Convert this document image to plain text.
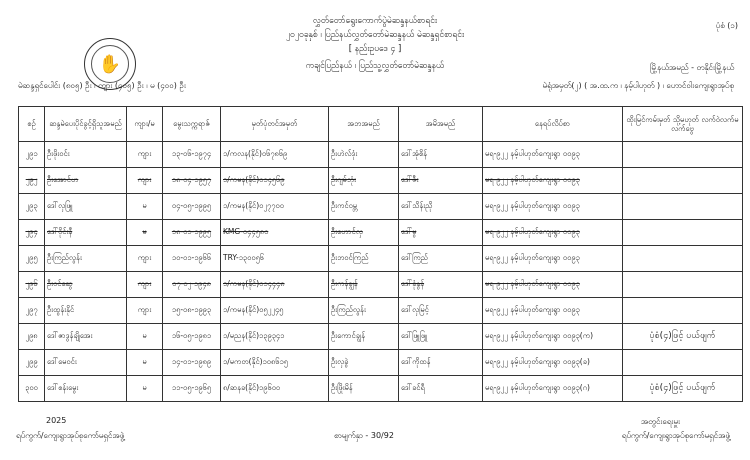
ပုံစံ (၁)
✋
လွှတ်တော်ရွေးကောက်ပွဲမဲဆန္ဒနယ်စာရင်း
၂၀၂၀ခုနှစ် ၊ ပြည်နယ်လွှတ်တော်မဲဆန္ဒနယ် မဲဆန္ဒရှင်စာရင်း
[ နည်းဥပဒေ ၄ ]
ကချင်ပြည်နယ် ၊ ပြည်သူ့လွှတ်တော်မဲဆန္ဒနယ်	မြို့နယ်အမည် - တနိုင်းမြို့နယ်
မဲဆန္ဒရှင်ပေါင်း (၈၀၅) ဦး ၊ ကျား (၄၀၅) ဦး ၊ မ (၄၀၀) ဦး	မဲရုံအမှတ်(၂) ( အ.ထ.က ၊ နမ့်ပါဟုတ် ) ၊ ဟောင်ဝါးကျေးရွာအုပ်စု
စဉ်	ဆန္ဒမဲပေးပိုင်ခွင့်ရှိသူအမည်	ကျား/မ	မွေးသက္ကရာဇ်	မှတ်ပုံတင်အမှတ်	အဘအမည်	အမိအမည်	နေရပ်လိပ်စာ	ထိုးမြင်ကမ်းမှတ် သို့မဟုတ် လက်ဝဲလက်မ လက်ဗွေ
၂၉၁	ဦးဖိုးဝင်း	ကျား	၁၃-၀၆-၁၉၇၄	၁/ကလန(နိုင်)၀၆၇၈၆၉	ဦးဟဲလ်ဒုံး	ဒေါ်အုံစိန်	မရ-၉၂၂ နမ့်ပါဟုတ်ကျေးရွာ ၀၀၉၃	
၂၉၂	ဦးအောင်ဟ	ကျား	၁၈-၀၄-၁၉၅၇	၁/ကမန(နိုင်)၀၁၄၅၆၉	ဦးဂျမ်ဘုံး	ဒေါ်ဇီး	မရ-၉၂၂ နမ့်ပါဟုတ်ကျေးရွာ ၀၀၉၃	
၂၉၃	ဒေါ်လှဖြူ	မ	၀၄-၀၅-၁၉၉၅	၁/ကမန(နိုင်)၀၂၇၇၀၀	ဦးကင်ဝမ္ဘ	ဒေါ်သိန်းညို	မရ-၉၂၂ နမ့်ပါဟုတ်ကျေးရွာ ၀၀၉၃	
၂၉၄	ဒေါ်ဝိုင်းနီ	မ	၁၈-၀၁-၁၉၉၅	KMG-၀၄၄၅၈၀	ဦးဟောင်လှ	ဒေါ်မွ	မရ-၉၂၂ နမ့်ပါဟုတ်ကျေးရွာ ၀၀၉၃	
၂၉၅	ဦးကြည်လွန်း	ကျား	၁၀-၀၁-၁၉၆၆	TRY-၁၃၀၀၅၆	ဦးဘ၀င်ကြည်	ဒေါ်ကြည်	မရ-၉၂၂ နမ့်ပါဟုတ်ကျေးရွာ ၀၀၉၃	
၂၉၆	ဦးဝင်ဆွေ	ကျား	၀၇-၀၂-၁၉၄၈	၁/ကမန(နိုင်)၀၁၄၄၄၈	ဦးကန်ချွန်	ဒေါ်ခုံနွန်	မရ-၉၂၂ နမ့်ပါဟုတ်ကျေးရွာ ၀၀၉၃	
၂၉၇	ဦးထွန်းနိုင်	ကျား	၁၅-၀၈-၁၉၉၃	၁/ကမန(နိုင်)၀၅၂၂၄၅	ဦးကြည်လွန်း	ဒေါ်လှမြင့်	မရ-၉၂၂ နမ့်ပါဟုတ်ကျေးရွာ ၀၀၉၃	
၂၉၈	ဒေါ်ဇာဒွန်ချိုအေး	မ	၁၆-၀၅-၁၉၈၁	၁/မညန(နိုင်)၁၃၉၃၄၁	ဦးကောင်ချွန်	ဒေါ်ဖြူဖြူ	မရ-၉၂၂ နမ့်ပါဟုတ်ကျေးရွာ ၀၀၉၃(က)	ပုံစံ(၄)ဖြင့် ပယ်ဖျက်
၂၉၉	ဒေါ်မေဝင်း	မ	၁၄-၀၁-၁၉၈၉	၁/မကတ(နိုင်)၁၀၈၆၁၅	ဦးလှခွဲ	ဒေါ်ကိုထန်	မရ-၉၂၂ နမ့်ပါဟုတ်ကျေးရွာ ၀၀၉၃(ခ)	
၃၀၀	ဒေါ်စန်းမွေး	မ	၁၁-၀၅-၁၉၆၅	၈/ဆနခ(နိုင်)၁၉၆၀၀	ဦးဖြိုးမိန်	ဒေါ်ခင်ရီ	မရ-၉၂၂ နမ့်ပါဟုတ်ကျေးရွာ ၀၀၉၃(ဂ)	ပုံစံ(၄)ဖြင့် ပယ်ဖျက်
2025
ရပ်ကွက်/ကျေးရွာအုပ်စုကော်မရှင်အဖွဲ့	စာမျက်နှာ - 30/92
အတွင်းရေးမှူး
ရပ်ကွက်/ကျေးရွာအုပ်စုကော်မရှင်အဖွဲ့
